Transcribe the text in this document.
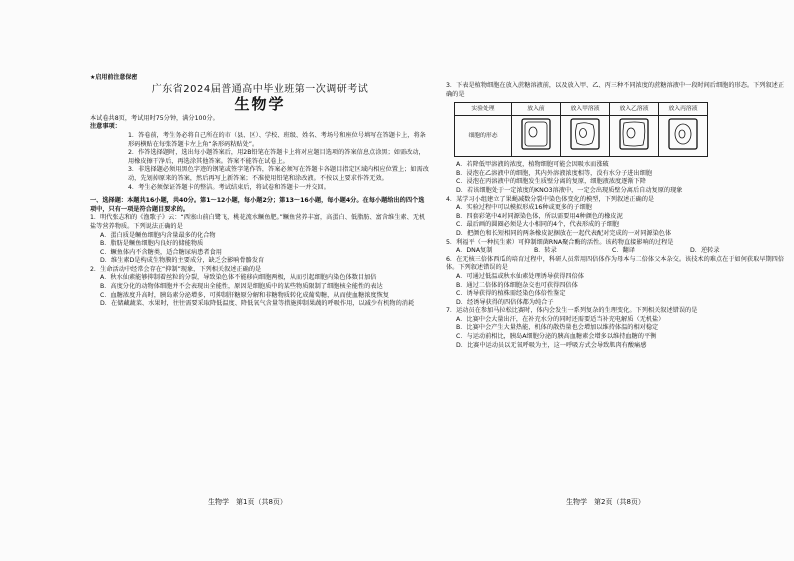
★启用前注意保密
广东省2024届普通高中毕业班第一次调研考试
生物学

本试卷共8页，考试用时75分钟，满分100分。

注意事项：

1．答卷前，考生务必将自己所在的市（县、区）、学校、班级、姓名、考场号和座位号填写在答题卡上，将条形码横贴在每张答题卡左上角“条形码粘贴处”。

2．作答选择题时，选出每小题答案后，用2B铅笔在答题卡上将对应题目选项的答案信息点涂黑；如需改动，用橡皮擦干净后，再选涂其他答案。答案不能答在试卷上。

3．非选择题必须用黑色字迹的钢笔或签字笔作答，答案必须写在答题卡各题目指定区域内相应位置上；如需改动，先划掉原来的答案，然后再写上新答案；不准使用铅笔和涂改液。不按以上要求作答无效。

4．考生必须保证答题卡的整洁。考试结束后，将试卷和答题卡一并交回。

一、选择题：本题共16小题，共40分。第1～12小题，每小题2分；第13～16小题，每小题4分。在每小题给出的四个选项中，只有一项是符合题目要求的。

1．明代张志和的《渔歌子》云：“西塞山前白鹭飞，桃花流水鳜鱼肥。”鳜鱼营养丰富，高蛋白、低脂肪、富含维生素、无机盐等营养物质。下列说法正确的是

A．蛋白质是鳜鱼细胞内含量最多的化合物

B．脂肪是鳜鱼细胞内良好的储能物质

C．鳜鱼体内不含糖类，适合糖尿病患者食用

D．维生素D是构成生物膜的主要成分，缺乏会影响骨骼发育

2．生命活动中经常会存在“抑制”现象，下列相关叙述正确的是

A．秋水仙素能够抑制着丝粒的分裂，导致染色体不能移向细胞两极，从而引起细胞内染色体数目加倍

B．高度分化的动物体细胞并不会表现出全能性，原因是细胞质中的某些物质限制了细胞核全能性的表达

C．血糖浓度升高时，胰岛素分泌增多，可抑制肝糖原分解和非糖物质转化成葡萄糖，从而使血糖浓度恢复

D．在储藏蔬菜、水果时，往往需要采取降低温度、降低氧气含量等措施抑制果蔬的呼吸作用，以减少有机物的消耗

生物学　第1页（共8页）

3．下表是植物细胞在放入蔗糖溶液前，以及放入甲、乙、丙三种不同浓度的蔗糖溶液中一段时间后细胞的形态。下列叙述正确的是

实验处理	放入前	放入甲溶液	放入乙溶液	放入丙溶液
细胞的形态				

A．若降低甲溶液的浓度，植物细胞可能会因吸水而涨破

B．浸泡在乙溶液中的细胞，其内外溶液浓度相等，没有水分子进出细胞

C．浸泡在丙溶液中的细胞发生质壁分离的复原，细胞液浓度逐渐下降

D．若该细胞处于一定浓度的KNO3溶液中，一定会出现质壁分离后自动复原的现象

4．某学习小组建立了果蝇减数分裂中染色体变化的模型，下列叙述正确的是

A．实验过程中可以模拟形成16种或更多的子细胞

B．四套彩笔中4对同源染色体，所以需要用4种颜色的橡皮泥

C．最后画的圆圈必须是大小相同的4个，代表形成的子细胞

D．把颜色和长短相同的两条橡皮泥捆放在一起代表配对完成的一对同源染色体

5．利福平（一种抗生素）可抑制细菌RNA聚合酶的活性。该药物直接影响的过程是

A．DNA复制	B．转录	C．翻译	D．逆转录

6．在无核三倍体西瓜的培育过程中，科研人员常用四倍体作为母本与二倍体父本杂交。该技术的难点在于如何获取早期四倍体。下列叙述错误的是

A．可通过低温或秋水仙素处理诱导获得四倍体

B．通过二倍体的体细胞杂交也可获得四倍体

C．诱导获得的植株需经染色体倍性鉴定

D．经诱导获得的四倍体都为纯合子

7．运动员在参加马拉松比赛时，体内会发生一系列复杂的生理变化。下列相关叙述错误的是

A．比赛中会大量出汗，在补充水分的同时还需要适当补充电解质（无机盐）

B．比赛中会产生大量热能，机体的散热量也会增加以维持体温的相对稳定

C．与运动前相比，胰岛A细胞分泌的胰高血糖素会增多以维持血糖的平衡

D．比赛中运动员以无氧呼吸为主，这一呼吸方式会导致肌肉有酸痛感

生物学　第2页（共8页）
